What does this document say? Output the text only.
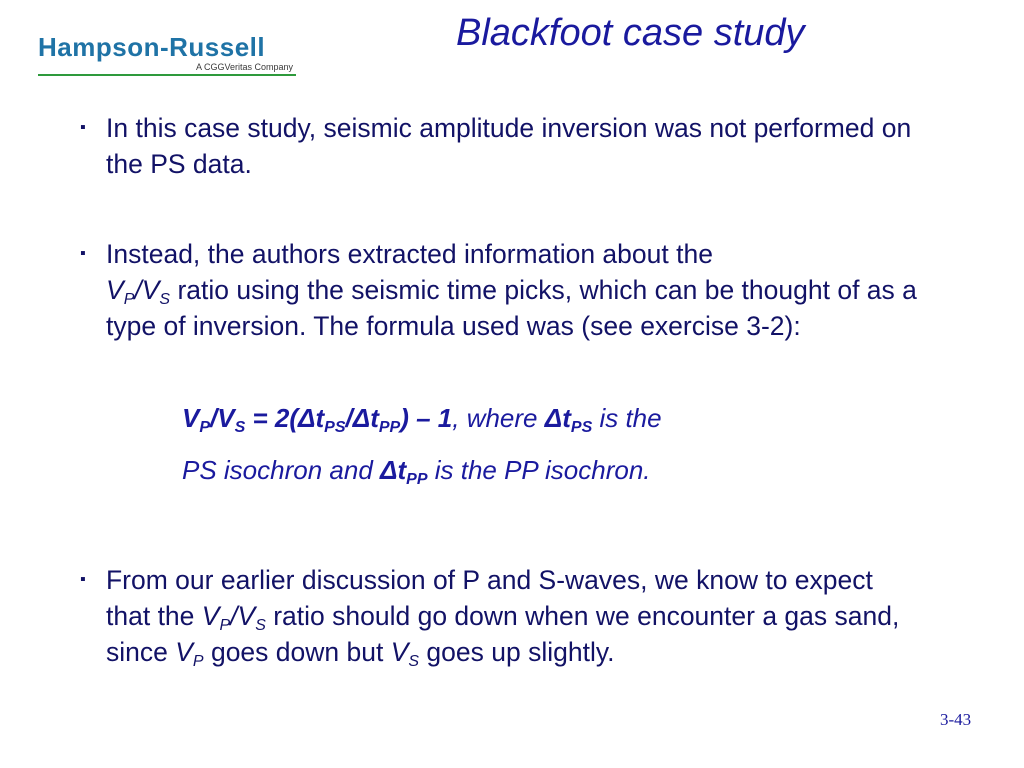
Hampson-Russell
A CGGVeritas Company
Blackfoot case study
▪ In this case study, seismic amplitude inversion was not performed on the PS data.
▪ Instead, the authors extracted information about the
$V_P/V_S$ ratio using the seismic time picks, which can be thought of as a type of inversion. The formula used was (see exercise 3-2):
$V_P/V_S = 2(\Delta t_{PS}/\Delta t_{PP}) - 1$, where $\Delta t_{PS}$ is the
PS isochron and $\Delta t_{PP}$ is the PP isochron.
▪ From our earlier discussion of P and S-waves, we know to expect that the $V_P/V_S$ ratio should go down when we encounter a gas sand, since $V_P$ goes down but $V_S$ goes up slightly.
3-43
